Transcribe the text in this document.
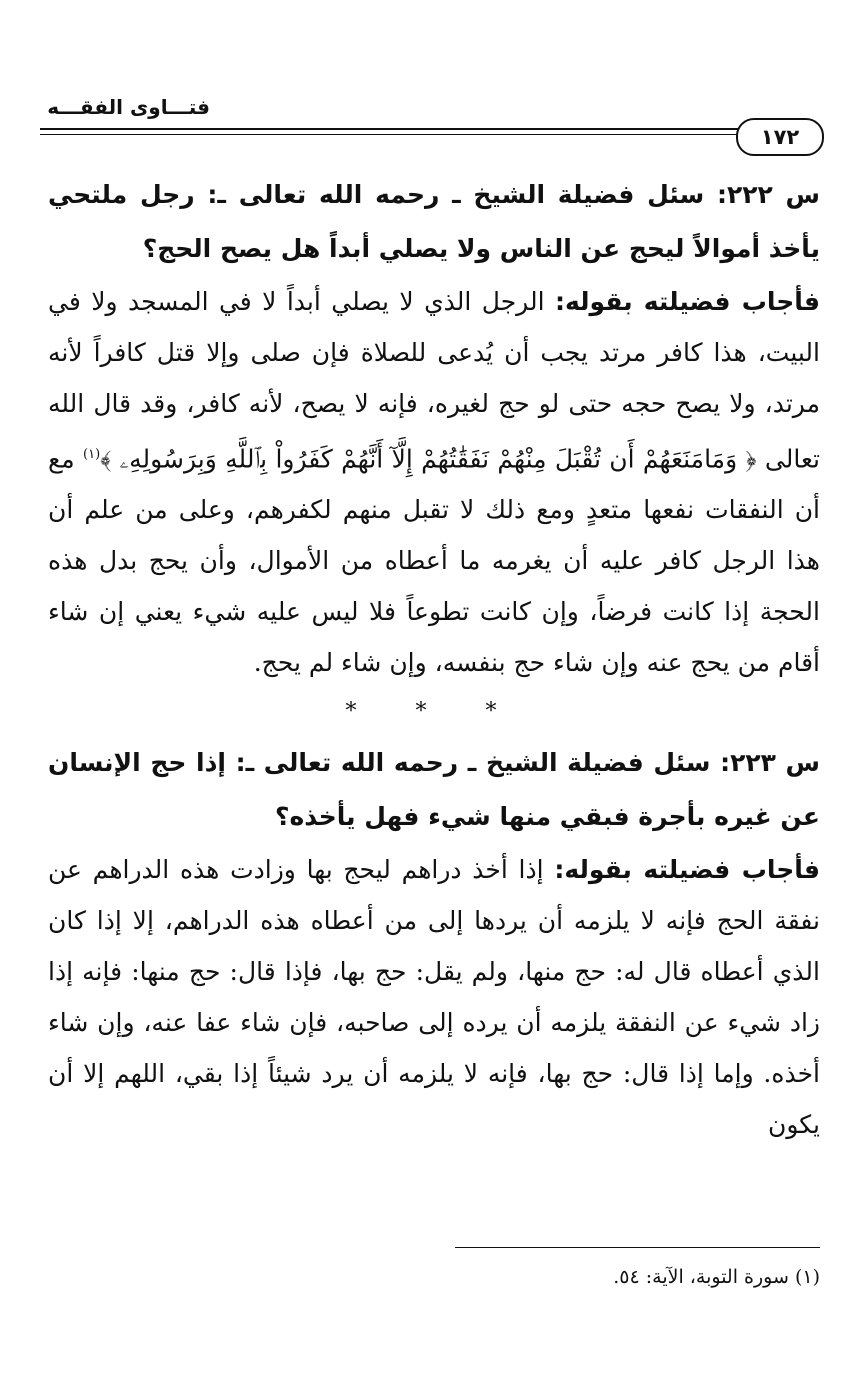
فتـــاوى الفقـــه
١٧٢

س ٢٢٢: سئل فضيلة الشيخ ـ رحمه الله تعالى ـ: رجل ملتحي يأخذ أموالاً ليحج عن الناس ولا يصلي أبداً هل يصح الحج؟

فأجاب فضيلته بقوله: الرجل الذي لا يصلي أبداً لا في المسجد ولا في البيت، هذا كافر مرتد يجب أن يُدعى للصلاة فإن صلى وإلا قتل كافراً لأنه مرتد، ولا يصح حجه حتى لو حج لغيره، فإنه لا يصح، لأنه كافر، وقد قال الله تعالى ﴿ وَمَامَنَعَهُمْ أَن تُقْبَلَ مِنْهُمْ نَفَقَٰتُهُمْ إِلَّآ أَنَّهُمْ كَفَرُواْ بِٱللَّهِ وَبِرَسُولِهِۦ ﴾$^{(١)}$ مع أن النفقات نفعها متعدٍ ومع ذلك لا تقبل منهم لكفرهم، وعلى من علم أن هذا الرجل كافر عليه أن يغرمه ما أعطاه من الأموال، وأن يحج بدل هذه الحجة إذا كانت فرضاً، وإن كانت تطوعاً فلا ليس عليه شيء يعني إن شاء أقام من يحج عنه وإن شاء حج بنفسه، وإن شاء لم يحج.

* * *

س ٢٢٣: سئل فضيلة الشيخ ـ رحمه الله تعالى ـ: إذا حج الإنسان عن غيره بأجرة فبقي منها شيء فهل يأخذه؟

فأجاب فضيلته بقوله: إذا أخذ دراهم ليحج بها وزادت هذه الدراهم عن نفقة الحج فإنه لا يلزمه أن يردها إلى من أعطاه هذه الدراهم، إلا إذا كان الذي أعطاه قال له: حج منها، ولم يقل: حج بها، فإذا قال: حج منها: فإنه إذا زاد شيء عن النفقة يلزمه أن يرده إلى صاحبه، فإن شاء عفا عنه، وإن شاء أخذه. وإما إذا قال: حج بها، فإنه لا يلزمه أن يرد شيئاً إذا بقي، اللهم إلا أن يكون

(١) سورة التوبة، الآية: ٥٤.
